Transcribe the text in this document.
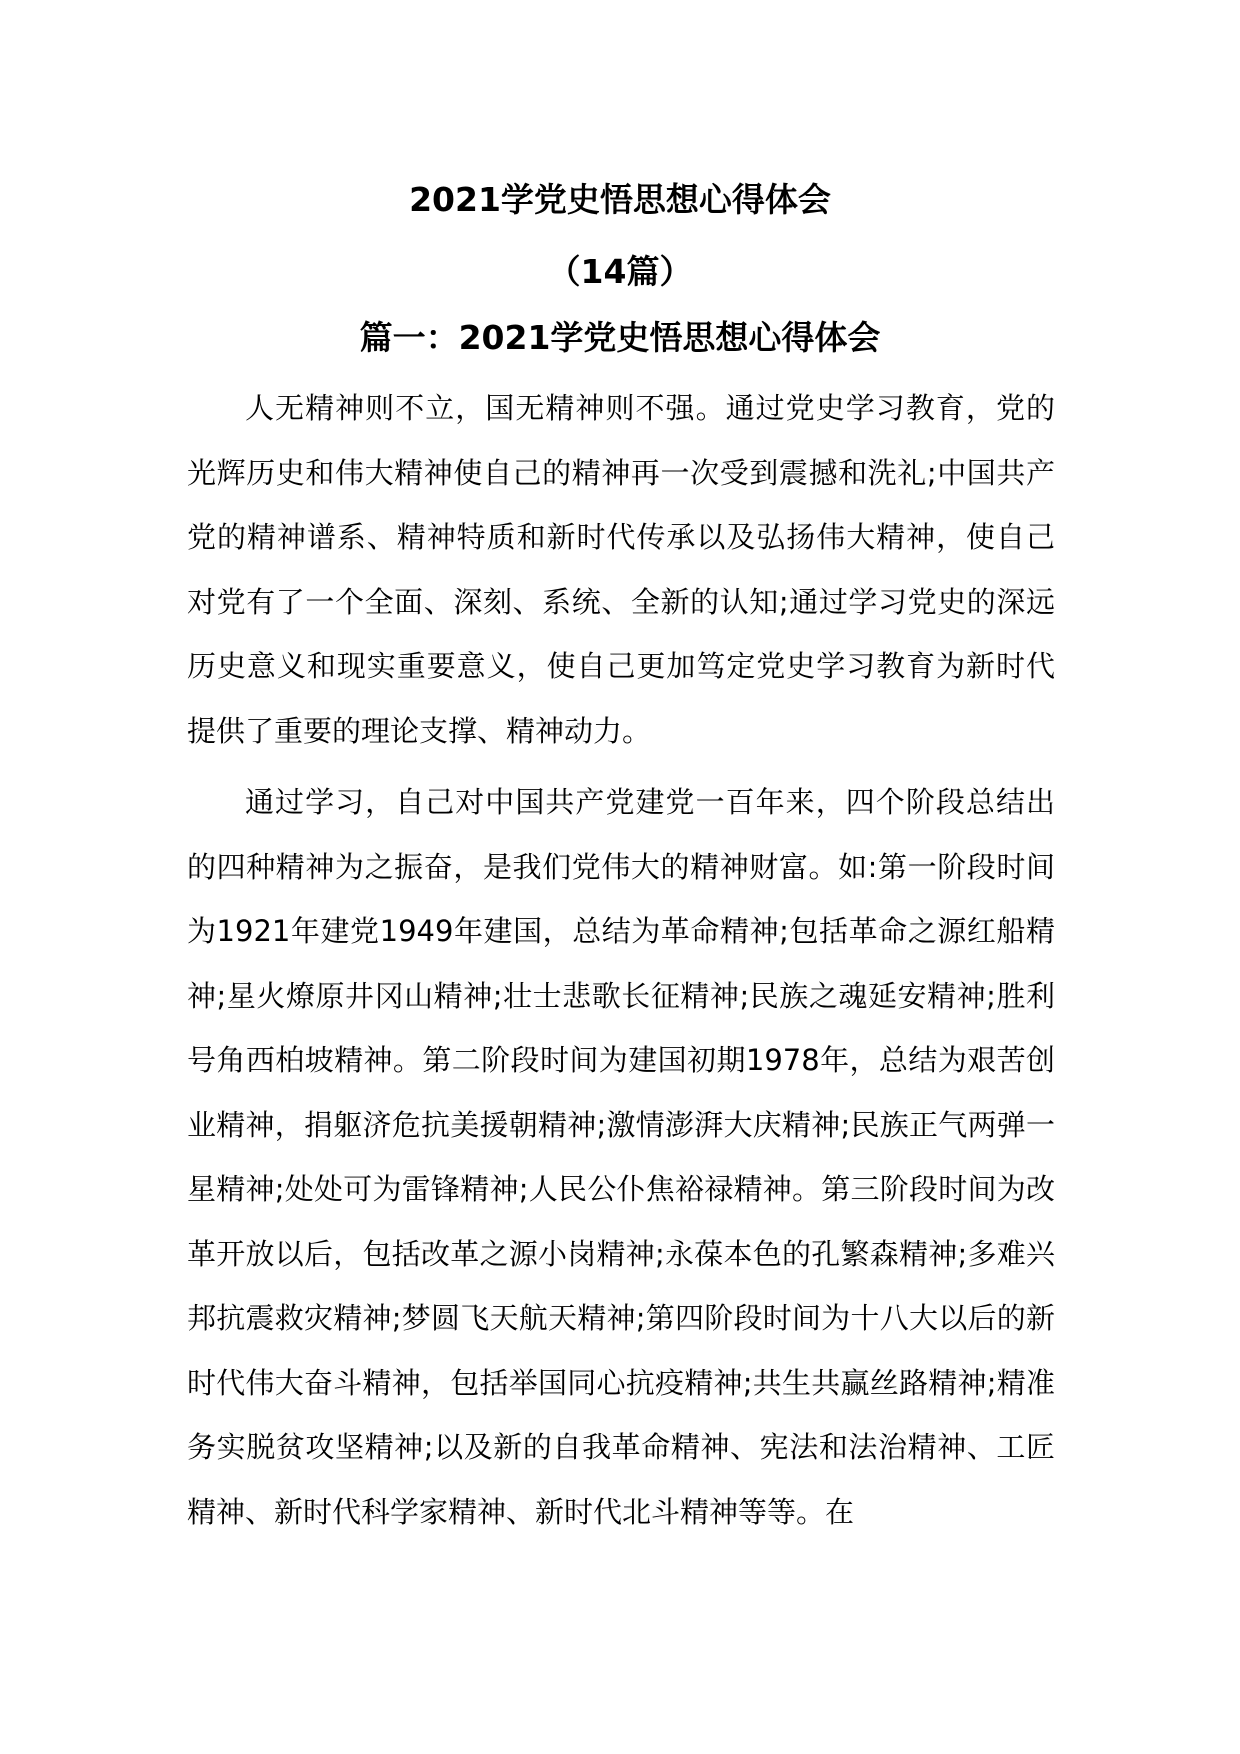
2021学党史悟思想心得体会
（14篇）
篇一：2021学党史悟思想心得体会

人无精神则不立，国无精神则不强。通过党史学习教育，党的光辉历史和伟大精神使自己的精神再一次受到震撼和洗礼;中国共产党的精神谱系、精神特质和新时代传承以及弘扬伟大精神，使自己对党有了一个全面、深刻、系统、全新的认知;通过学习党史的深远历史意义和现实重要意义，使自己更加笃定党史学习教育为新时代提供了重要的理论支撑、精神动力。

通过学习，自己对中国共产党建党一百年来，四个阶段总结出的四种精神为之振奋，是我们党伟大的精神财富。如:第一阶段时间为1921年建党1949年建国，总结为革命精神;包括革命之源红船精神;星火燎原井冈山精神;壮士悲歌长征精神;民族之魂延安精神;胜利号角西柏坡精神。第二阶段时间为建国初期1978年，总结为艰苦创业精神，捐躯济危抗美援朝精神;激情澎湃大庆精神;民族正气两弹一星精神;处处可为雷锋精神;人民公仆焦裕禄精神。第三阶段时间为改革开放以后，包括改革之源小岗精神;永葆本色的孔繁森精神;多难兴邦抗震救灾精神;梦圆飞天航天精神;第四阶段时间为十八大以后的新时代伟大奋斗精神，包括举国同心抗疫精神;共生共赢丝路精神;精准务实脱贫攻坚精神;以及新的自我革命精神、宪法和法治精神、工匠精神、新时代科学家精神、新时代北斗精神等等。在
